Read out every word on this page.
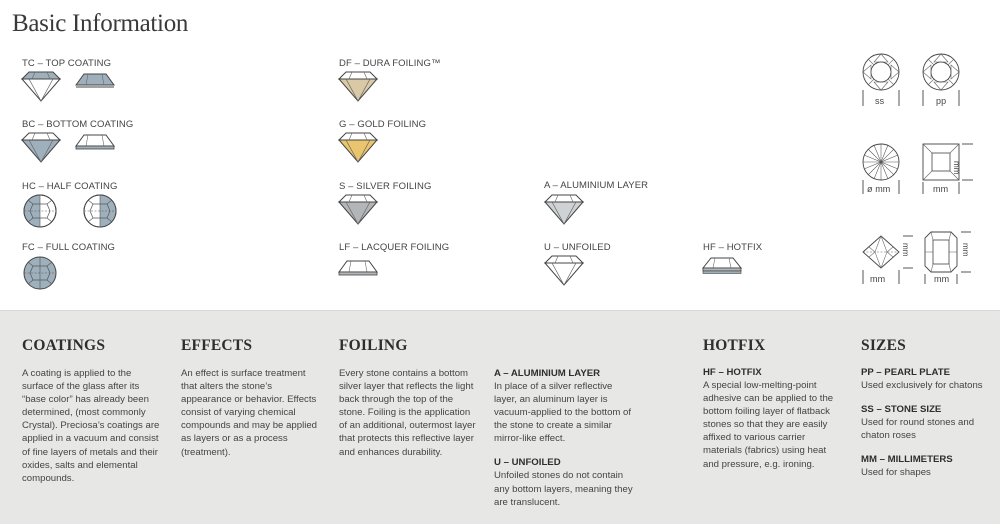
Basic Information
TC – TOP COATING
BC – BOTTOM COATING
HC – HALF COATING
FC – FULL COATING
DF – DURA FOILING™
G – GOLD FOILING
S – SILVER FOILING
LF – LACQUER FOILING
A – ALUMINIUM LAYER
U – UNFOILED	HF – HOTFIX
ss	pp
ø mm	mm
mm
mm	mm
mm	mm
COATINGS

A coating is applied to the surface of the glass after its “base color” has already been determined, (most commonly Crystal). Preciosa’s coatings are applied in a vacuum and consist of fine layers of metals and their oxides, salts and elemental compounds.

EFFECTS

An effect is surface treatment that alters the stone’s appearance or behavior. Effects consist of varying chemical compounds and may be applied as layers or as a process (treatment).

FOILING

Every stone contains a bottom silver layer that reflects the light back through the top of the stone. Foiling is the application of an additional, outermost layer that protects this reflective layer and enhances durability.

A – ALUMINIUM LAYER

In place of a silver reflective layer, an aluminum layer is vacuum-applied to the bottom of the stone to create a similar mirror-like effect.

U – UNFOILED

Unfoiled stones do not contain any bottom layers, meaning they are translucent.

HOTFIX
HF – HOTFIX

A special low-melting-point adhesive can be applied to the bottom foiling layer of flatback stones so that they are easily affixed to various carrier materials (fabrics) using heat and pressure, e.g. ironing.

SIZES
PP – PEARL PLATE

Used exclusively for chatons

SS – STONE SIZE

Used for round stones and chaton roses

MM – MILLIMETERS

Used for shapes
